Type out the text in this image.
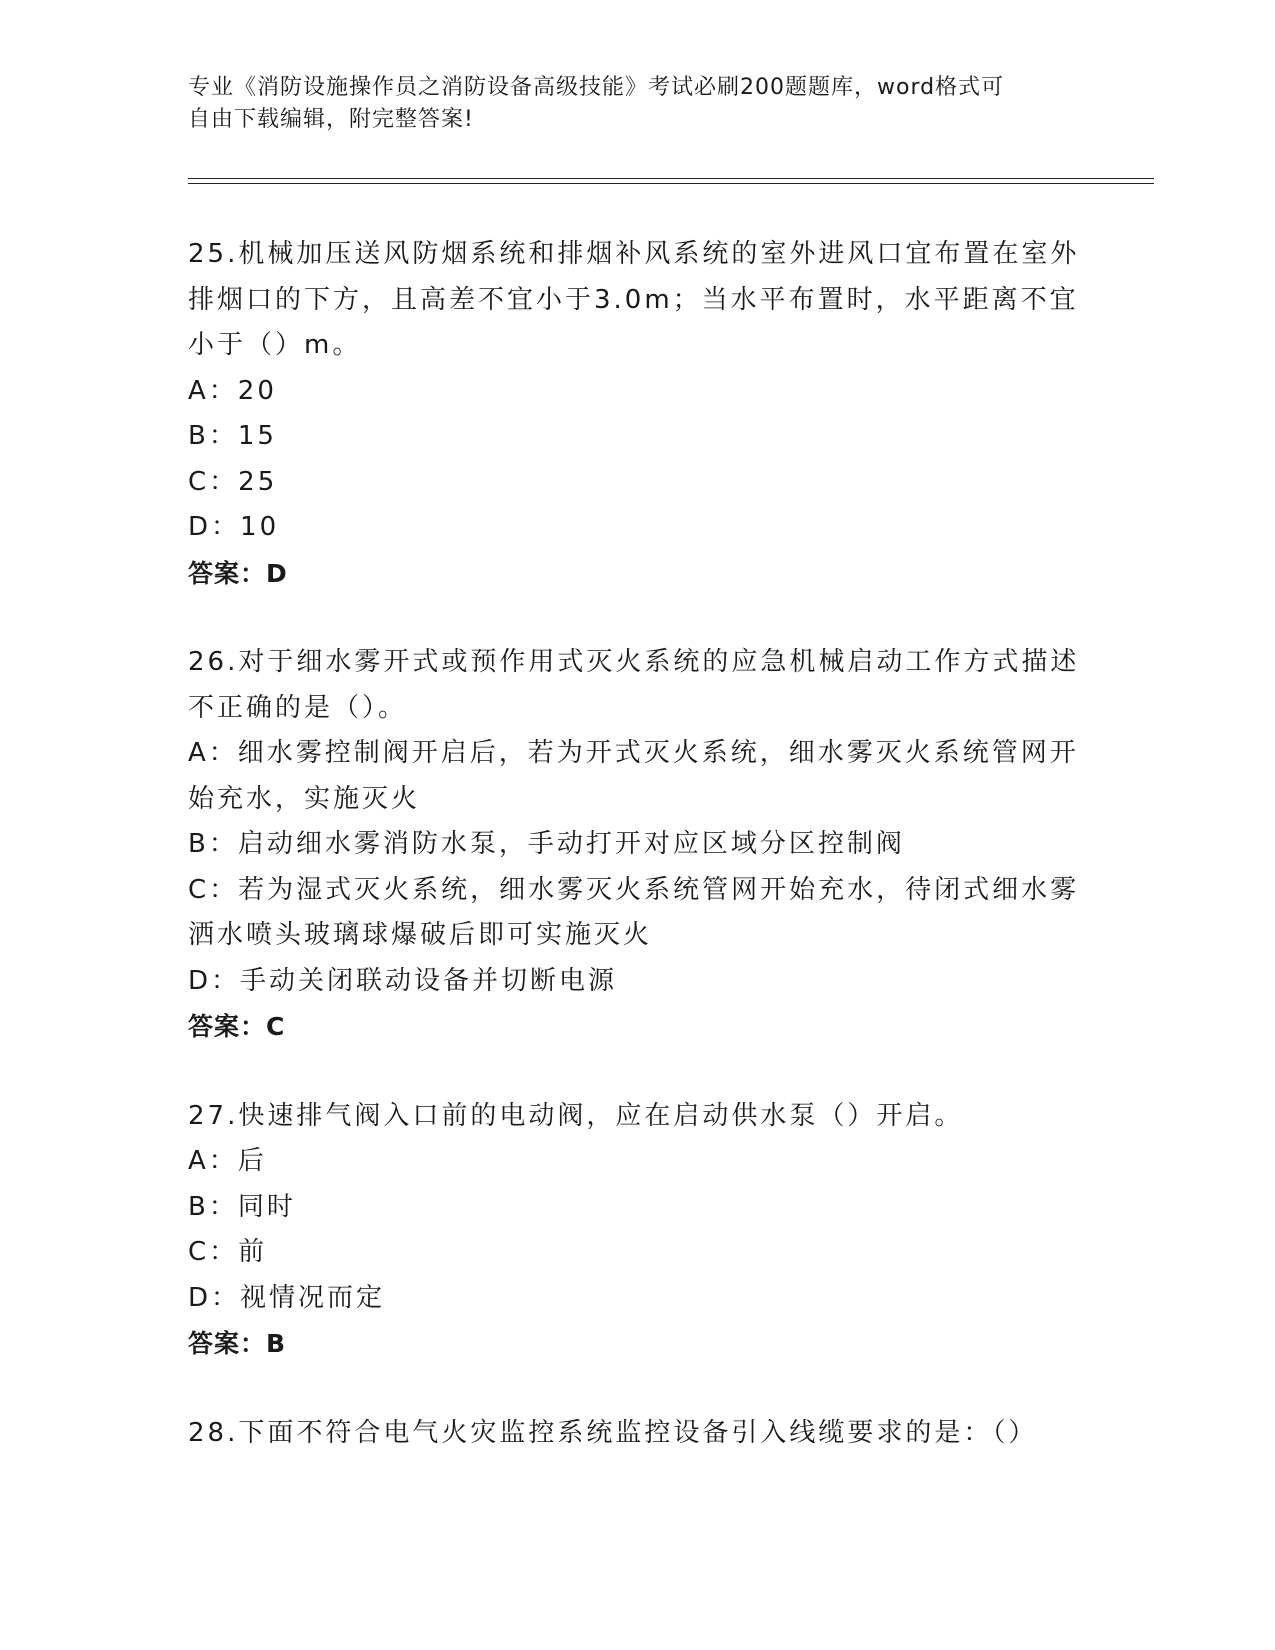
专业《消防设施操作员之消防设备高级技能》考试必刷200题题库，word格式可
自由下载编辑，附完整答案!
25.机械加压送风防烟系统和排烟补风系统的室外进风口宜布置在室外
排烟口的下方，且高差不宜小于3.0m；当水平布置时，水平距离不宜
小于（）m。
A：20
B：15
C：25
D：10
答案：D
26.对于细水雾开式或预作用式灭火系统的应急机械启动工作方式描述
不正确的是（）。
A：细水雾控制阀开启后，若为开式灭火系统，细水雾灭火系统管网开
始充水，实施灭火
B：启动细水雾消防水泵，手动打开对应区域分区控制阀
C：若为湿式灭火系统，细水雾灭火系统管网开始充水，待闭式细水雾
洒水喷头玻璃球爆破后即可实施灭火
D：手动关闭联动设备并切断电源
答案：C
27.快速排气阀入口前的电动阀，应在启动供水泵（）开启。
A：后
B：同时
C：前
D：视情况而定
答案：B
28.下面不符合电气火灾监控系统监控设备引入线缆要求的是：（）
